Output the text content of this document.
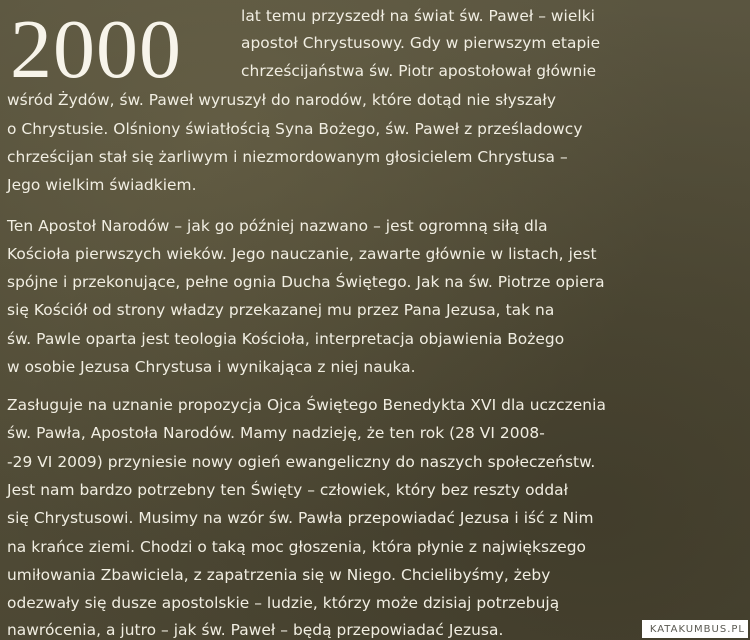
2000	lat temu przyszedł na świat św. Paweł – wielki
apostoł Chrystusowy. Gdy w pierwszym etapie
chrześcijaństwa św. Piotr apostołował głównie
wśród Żydów, św. Paweł wyruszył do narodów, które dotąd nie słyszały
o Chrystusie. Olśniony światłością Syna Bożego, św. Paweł z prześladowcy
chrześcijan stał się żarliwym i niezmordowanym głosicielem Chrystusa –
Jego wielkim świadkiem.
Ten Apostoł Narodów – jak go później nazwano – jest ogromną siłą dla
Kościoła pierwszych wieków. Jego nauczanie, zawarte głównie w listach, jest
spójne i przekonujące, pełne ognia Ducha Świętego. Jak na św. Piotrze opiera
się Kościół od strony władzy przekazanej mu przez Pana Jezusa, tak na
św. Pawle oparta jest teologia Kościoła, interpretacja objawienia Bożego
w osobie Jezusa Chrystusa i wynikająca z niej nauka.
Zasługuje na uznanie propozycja Ojca Świętego Benedykta XVI dla uczczenia
św. Pawła, Apostoła Narodów. Mamy nadzieję, że ten rok (28 VI 2008-
-29 VI 2009) przyniesie nowy ogień ewangeliczny do naszych społeczeństw.
Jest nam bardzo potrzebny ten Święty – człowiek, który bez reszty oddał
się Chrystusowi. Musimy na wzór św. Pawła przepowiadać Jezusa i iść z Nim
na krańce ziemi. Chodzi o taką moc głoszenia, która płynie z największego
umiłowania Zbawiciela, z zapatrzenia się w Niego. Chcielibyśmy, żeby
odezwały się dusze apostolskie – ludzie, którzy może dzisiaj potrzebują
nawrócenia, a jutro – jak św. Paweł – będą przepowiadać Jezusa.	KATAKUMBUS.PL
